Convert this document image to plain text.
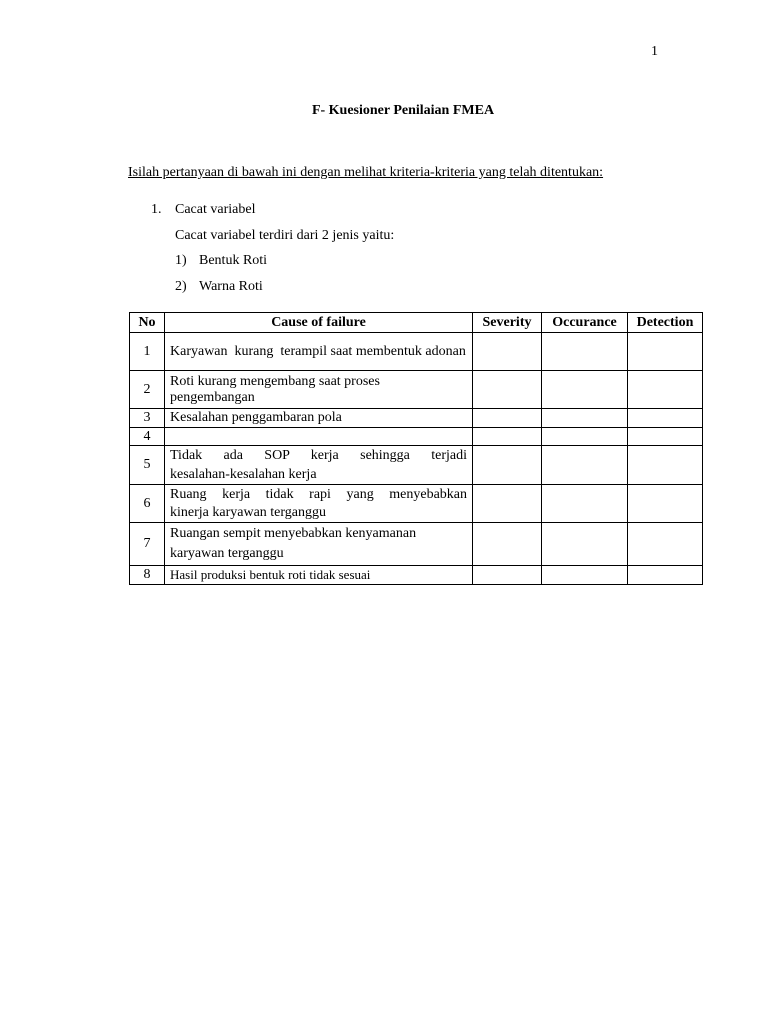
1
F- Kuesioner Penilaian FMEA

Isilah pertanyaan di bawah ini dengan melihat kriteria-kriteria yang telah ditentukan:

1. Cacat variabel
Cacat variabel terdiri dari 2 jenis yaitu:
1) Bentuk Roti
2) Warna Roti
No	Cause of failure	Severity	Occurance	Detection
1	Karyawan  kurang  terampil saat membentuk adonan			
2	Roti kurang mengembang saat proses pengembangan			
3	Kesalahan penggambaran pola			
4				
5	Tidak ada SOP kerja sehingga terjadi
kesalahan-kesalahan kerja			

6	Ruang kerja tidak rapi yang menyebabkan
kinerja karyawan terganggu			

7	Ruangan sempit menyebabkan kenyamanan
karyawan terganggu			

8	Hasil produksi bentuk roti tidak sesuai			
